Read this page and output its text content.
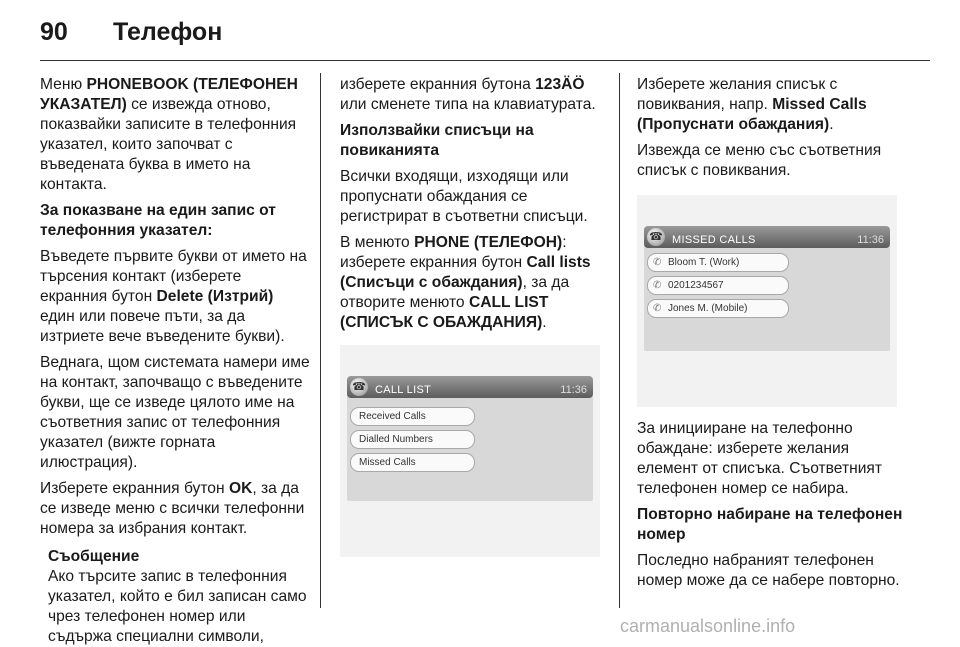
90 Телефон

Меню PHONEBOOK (ТЕЛЕФОНЕН УКАЗАТЕЛ) се извежда отново, показвайки записите в телефонния указател, които започват с въведената буква в името на контакта.

За показване на един запис от телефонния указател:

Въведете първите букви от името на търсения контакт (изберете екранния бутон Delete (Изтрий) един или повече пъти, за да изтриете вече въведените букви).

Веднага, щом системата намери име на контакт, започващо с въведените букви, ще се изведе цялото име на съответния запис от телефонния указател (вижте горната илюстрация).

Изберете екранния бутон OK, за да се изведе меню с всички телефонни номера за избрания контакт.

Съобщение
Ако търсите запис в телефонния указател, който е бил записан само чрез телефонен номер или съдържа специални символи,

изберете екранния бутона 123ÄÖ или сменете типа на клавиатурата.

Използвайки списъци на повиканията

Всички входящи, изходящи или пропуснати обаждания се регистрират в съответни списъци.

В менюто PHONE (ТЕЛЕФОН): изберете екранния бутон Call lists (Списъци с обаждания), за да отворите менюто CALL LIST (СПИСЪК С ОБАЖДАНИЯ).

☎ CALL LIST	11:36
Received Calls
Dialled Numbers
Missed Calls

Изберете желания списък с повиквания, напр. Missed Calls (Пропуснати обаждания).

Извежда се меню със съответния списък с повиквания.

☎ MISSED CALLS	11:36
✆ Bloom T. (Work)
✆ 0201234567
✆ Jones M. (Mobile)

За иницииране на телефонно обаждане: изберете желания елемент от списъка. Съответният телефонен номер се набира.

Повторно набиране на телефонен номер

Последно набраният телефонен номер може да се набере повторно.

carmanualsonline.info
